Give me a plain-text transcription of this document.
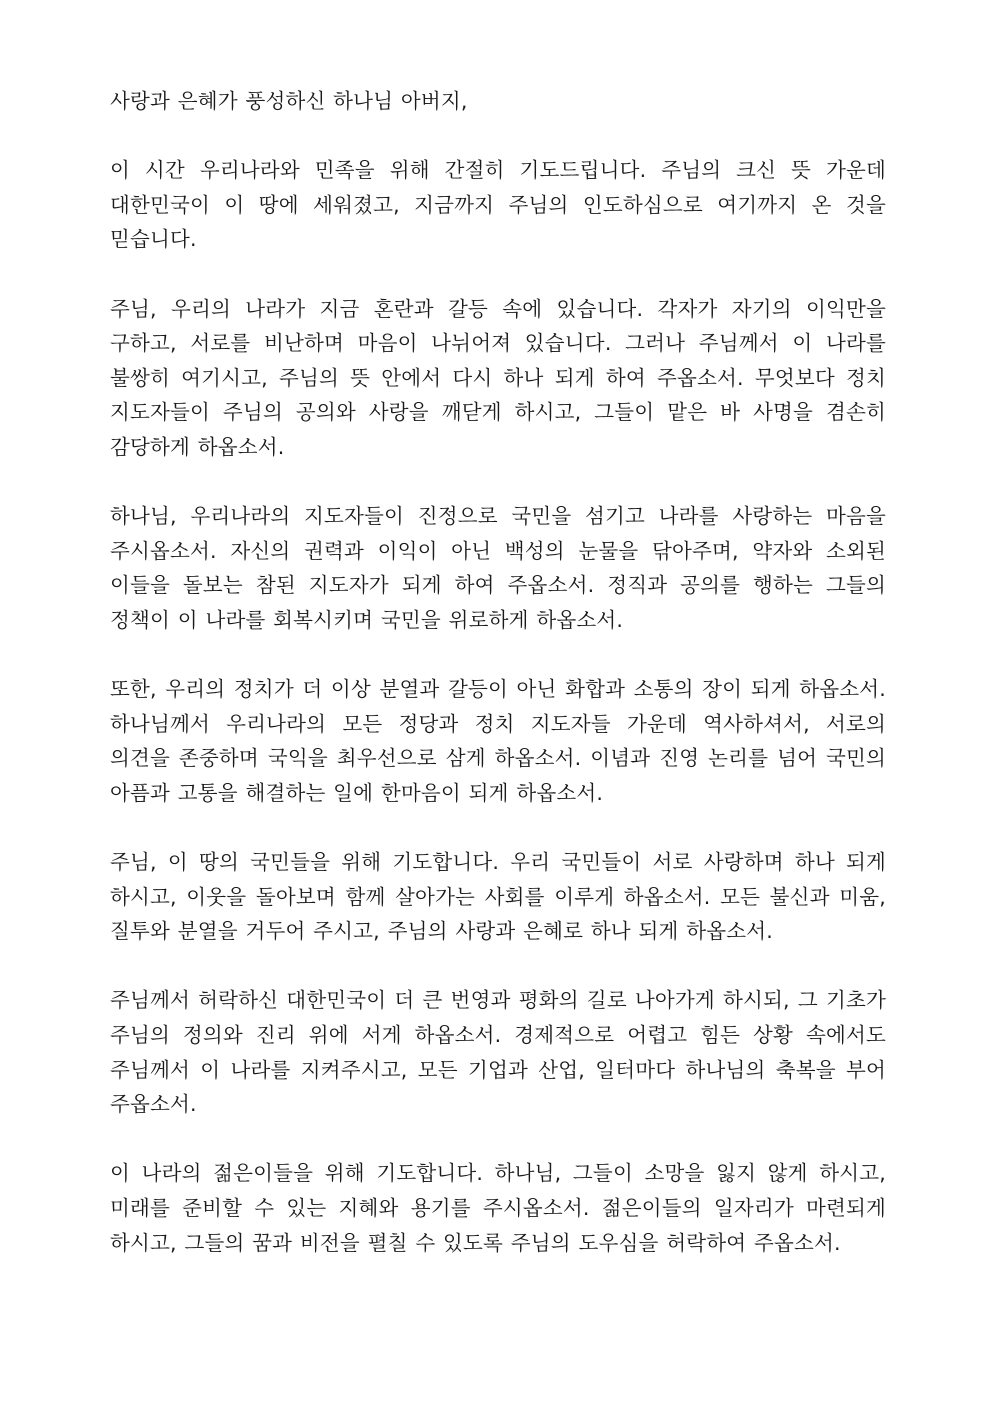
사랑과 은혜가 풍성하신 하나님 아버지,

이 시간 우리나라와 민족을 위해 간절히 기도드립니다. 주님의 크신 뜻 가운데 대한민국이 이 땅에 세워졌고, 지금까지 주님의 인도하심으로 여기까지 온 것을 믿습니다.

주님, 우리의 나라가 지금 혼란과 갈등 속에 있습니다. 각자가 자기의 이익만을 구하고, 서로를 비난하며 마음이 나뉘어져 있습니다. 그러나 주님께서 이 나라를 불쌍히 여기시고, 주님의 뜻 안에서 다시 하나 되게 하여 주옵소서. 무엇보다 정치 지도자들이 주님의 공의와 사랑을 깨닫게 하시고, 그들이 맡은 바 사명을 겸손히 감당하게 하옵소서.

하나님, 우리나라의 지도자들이 진정으로 국민을 섬기고 나라를 사랑하는 마음을 주시옵소서. 자신의 권력과 이익이 아닌 백성의 눈물을 닦아주며, 약자와 소외된 이들을 돌보는 참된 지도자가 되게 하여 주옵소서. 정직과 공의를 행하는 그들의 정책이 이 나라를 회복시키며 국민을 위로하게 하옵소서.

또한, 우리의 정치가 더 이상 분열과 갈등이 아닌 화합과 소통의 장이 되게 하옵소서. 하나님께서 우리나라의 모든 정당과 정치 지도자들 가운데 역사하셔서, 서로의 의견을 존중하며 국익을 최우선으로 삼게 하옵소서. 이념과 진영 논리를 넘어 국민의 아픔과 고통을 해결하는 일에 한마음이 되게 하옵소서.

주님, 이 땅의 국민들을 위해 기도합니다. 우리 국민들이 서로 사랑하며 하나 되게 하시고, 이웃을 돌아보며 함께 살아가는 사회를 이루게 하옵소서. 모든 불신과 미움, 질투와 분열을 거두어 주시고, 주님의 사랑과 은혜로 하나 되게 하옵소서.

주님께서 허락하신 대한민국이 더 큰 번영과 평화의 길로 나아가게 하시되, 그 기초가 주님의 정의와 진리 위에 서게 하옵소서. 경제적으로 어렵고 힘든 상황 속에서도 주님께서 이 나라를 지켜주시고, 모든 기업과 산업, 일터마다 하나님의 축복을 부어 주옵소서.

이 나라의 젊은이들을 위해 기도합니다. 하나님, 그들이 소망을 잃지 않게 하시고, 미래를 준비할 수 있는 지혜와 용기를 주시옵소서. 젊은이들의 일자리가 마련되게 하시고, 그들의 꿈과 비전을 펼칠 수 있도록 주님의 도우심을 허락하여 주옵소서.
